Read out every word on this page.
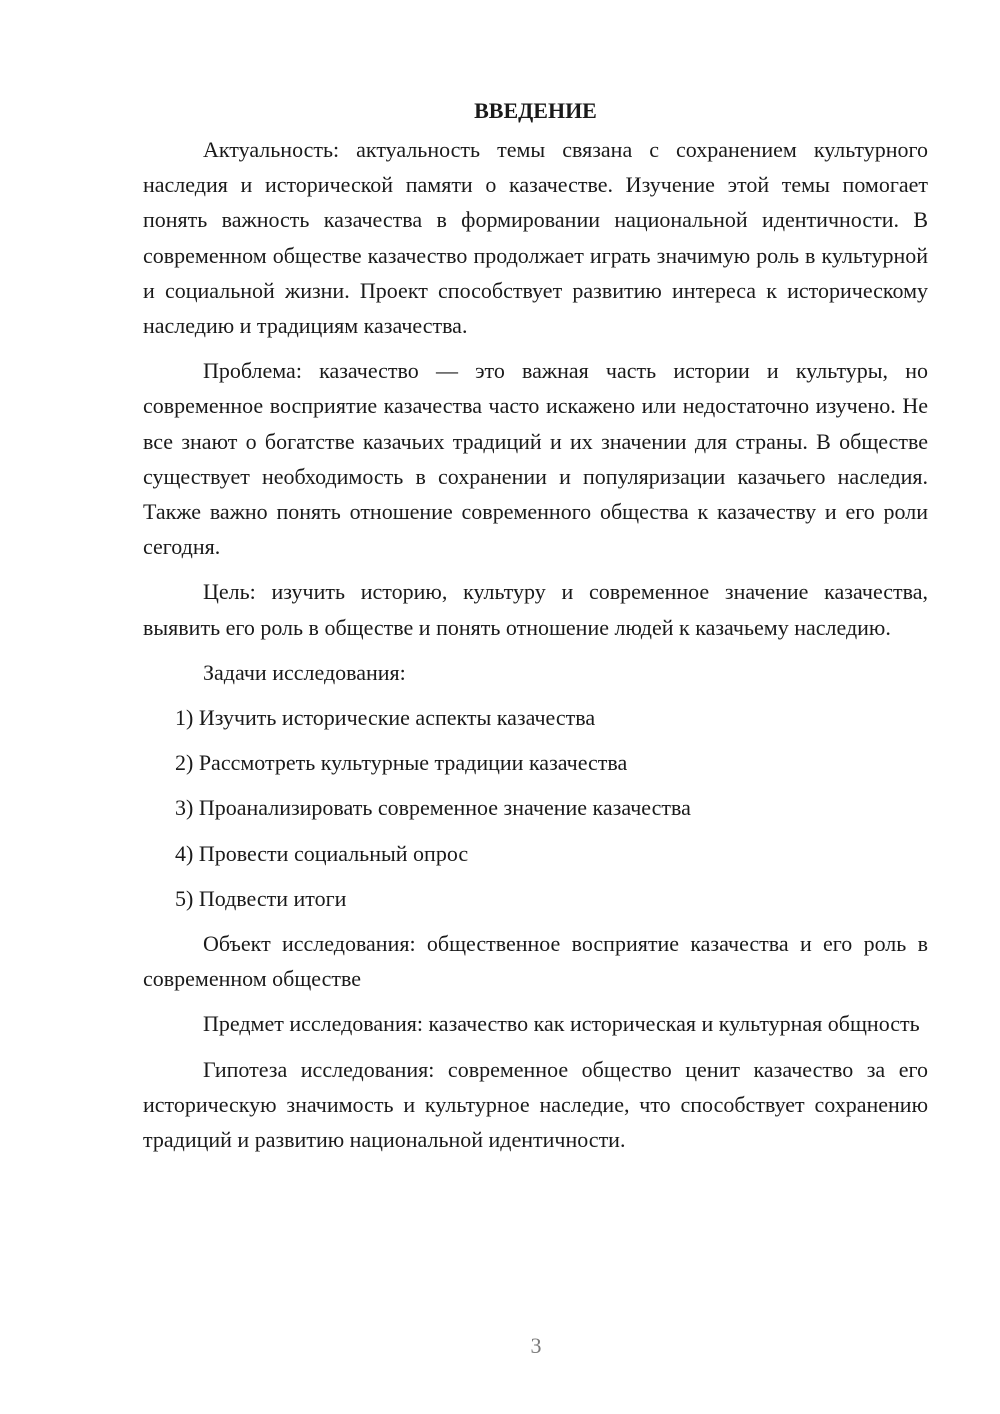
ВВЕДЕНИЕ

Актуальность: актуальность темы связана с сохранением культурного наследия и исторической памяти о казачестве. Изучение этой темы помогает понять важность казачества в формировании национальной идентичности. В современном обществе казачество продолжает играть значимую роль в культурной и социальной жизни. Проект способствует развитию интереса к историческому наследию и традициям казачества.

Проблема: казачество — это важная часть истории и культуры, но современное восприятие казачества часто искажено или недостаточно изучено. Не все знают о богатстве казачьих традиций и их значении для страны. В обществе существует необходимость в сохранении и популяризации казачьего наследия. Также важно понять отношение современного общества к казачеству и его роли сегодня.

Цель: изучить историю, культуру и современное значение казачества, выявить его роль в обществе и понять отношение людей к казачьему наследию.

Задачи исследования:

1) Изучить исторические аспекты казачества
2) Рассмотреть культурные традиции казачества
3) Проанализировать современное значение казачества
4) Провести социальный опрос
5) Подвести итоги

Объект исследования: общественное восприятие казачества и его роль в современном обществе

Предмет исследования: казачество как историческая и культурная общность

Гипотеза исследования: современное общество ценит казачество за его историческую значимость и культурное наследие, что способствует сохранению традиций и развитию национальной идентичности.

3
